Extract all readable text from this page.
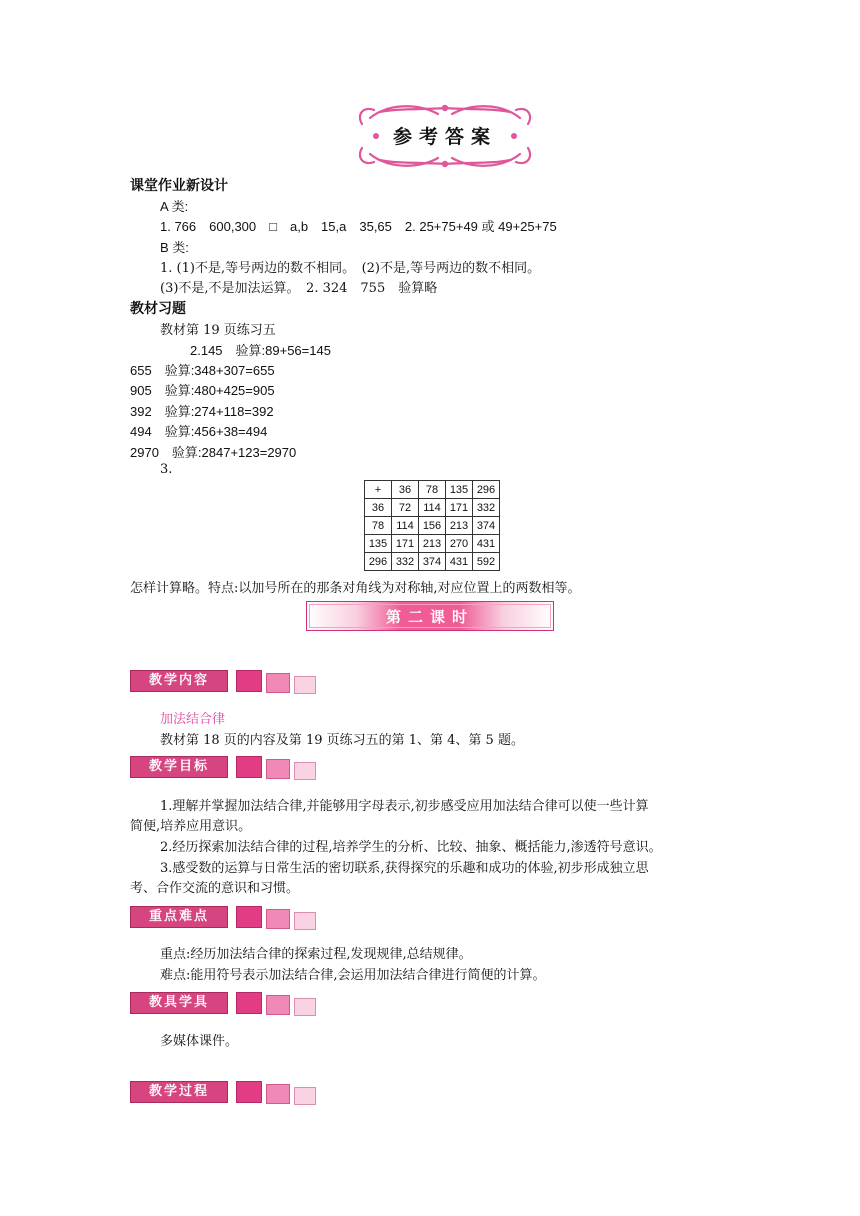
参考答案
课堂作业新设计
A 类:
1. 766　600,300　□　a,b　15,a　35,65　2. 25+75+49 或 49+25+75
B 类:
1. (1)不是,等号两边的数不相同。　(2)不是,等号两边的数不相同。
(3)不是,不是加法运算。　2. 324　755　验算略
教材习题
教材第 19 页练习五
2.145　验算:89+56=145
655　验算:348+307=655
905　验算:480+425=905
392　验算:274+118=392
494　验算:456+38=494
2970　验算:2847+123=2970
3.
+	36	78	135	296
36	72	114	171	332
78	114	156	213	374
135	171	213	270	431
296	332	374	431	592
怎样计算略。特点:以加号所在的那条对角线为对称轴,对应位置上的两数相等。
第二课时
教学内容
加法结合律
教材第 18 页的内容及第 19 页练习五的第 1、第 4、第 5 题。
教学目标
1.理解并掌握加法结合律,并能够用字母表示,初步感受应用加法结合律可以使一些计算
简便,培养应用意识。
2.经历探索加法结合律的过程,培养学生的分析、比较、抽象、概括能力,渗透符号意识。
3.感受数的运算与日常生活的密切联系,获得探究的乐趣和成功的体验,初步形成独立思
考、合作交流的意识和习惯。
重点难点
重点:经历加法结合律的探索过程,发现规律,总结规律。
难点:能用符号表示加法结合律,会运用加法结合律进行简便的计算。
教具学具
多媒体课件。
教学过程
